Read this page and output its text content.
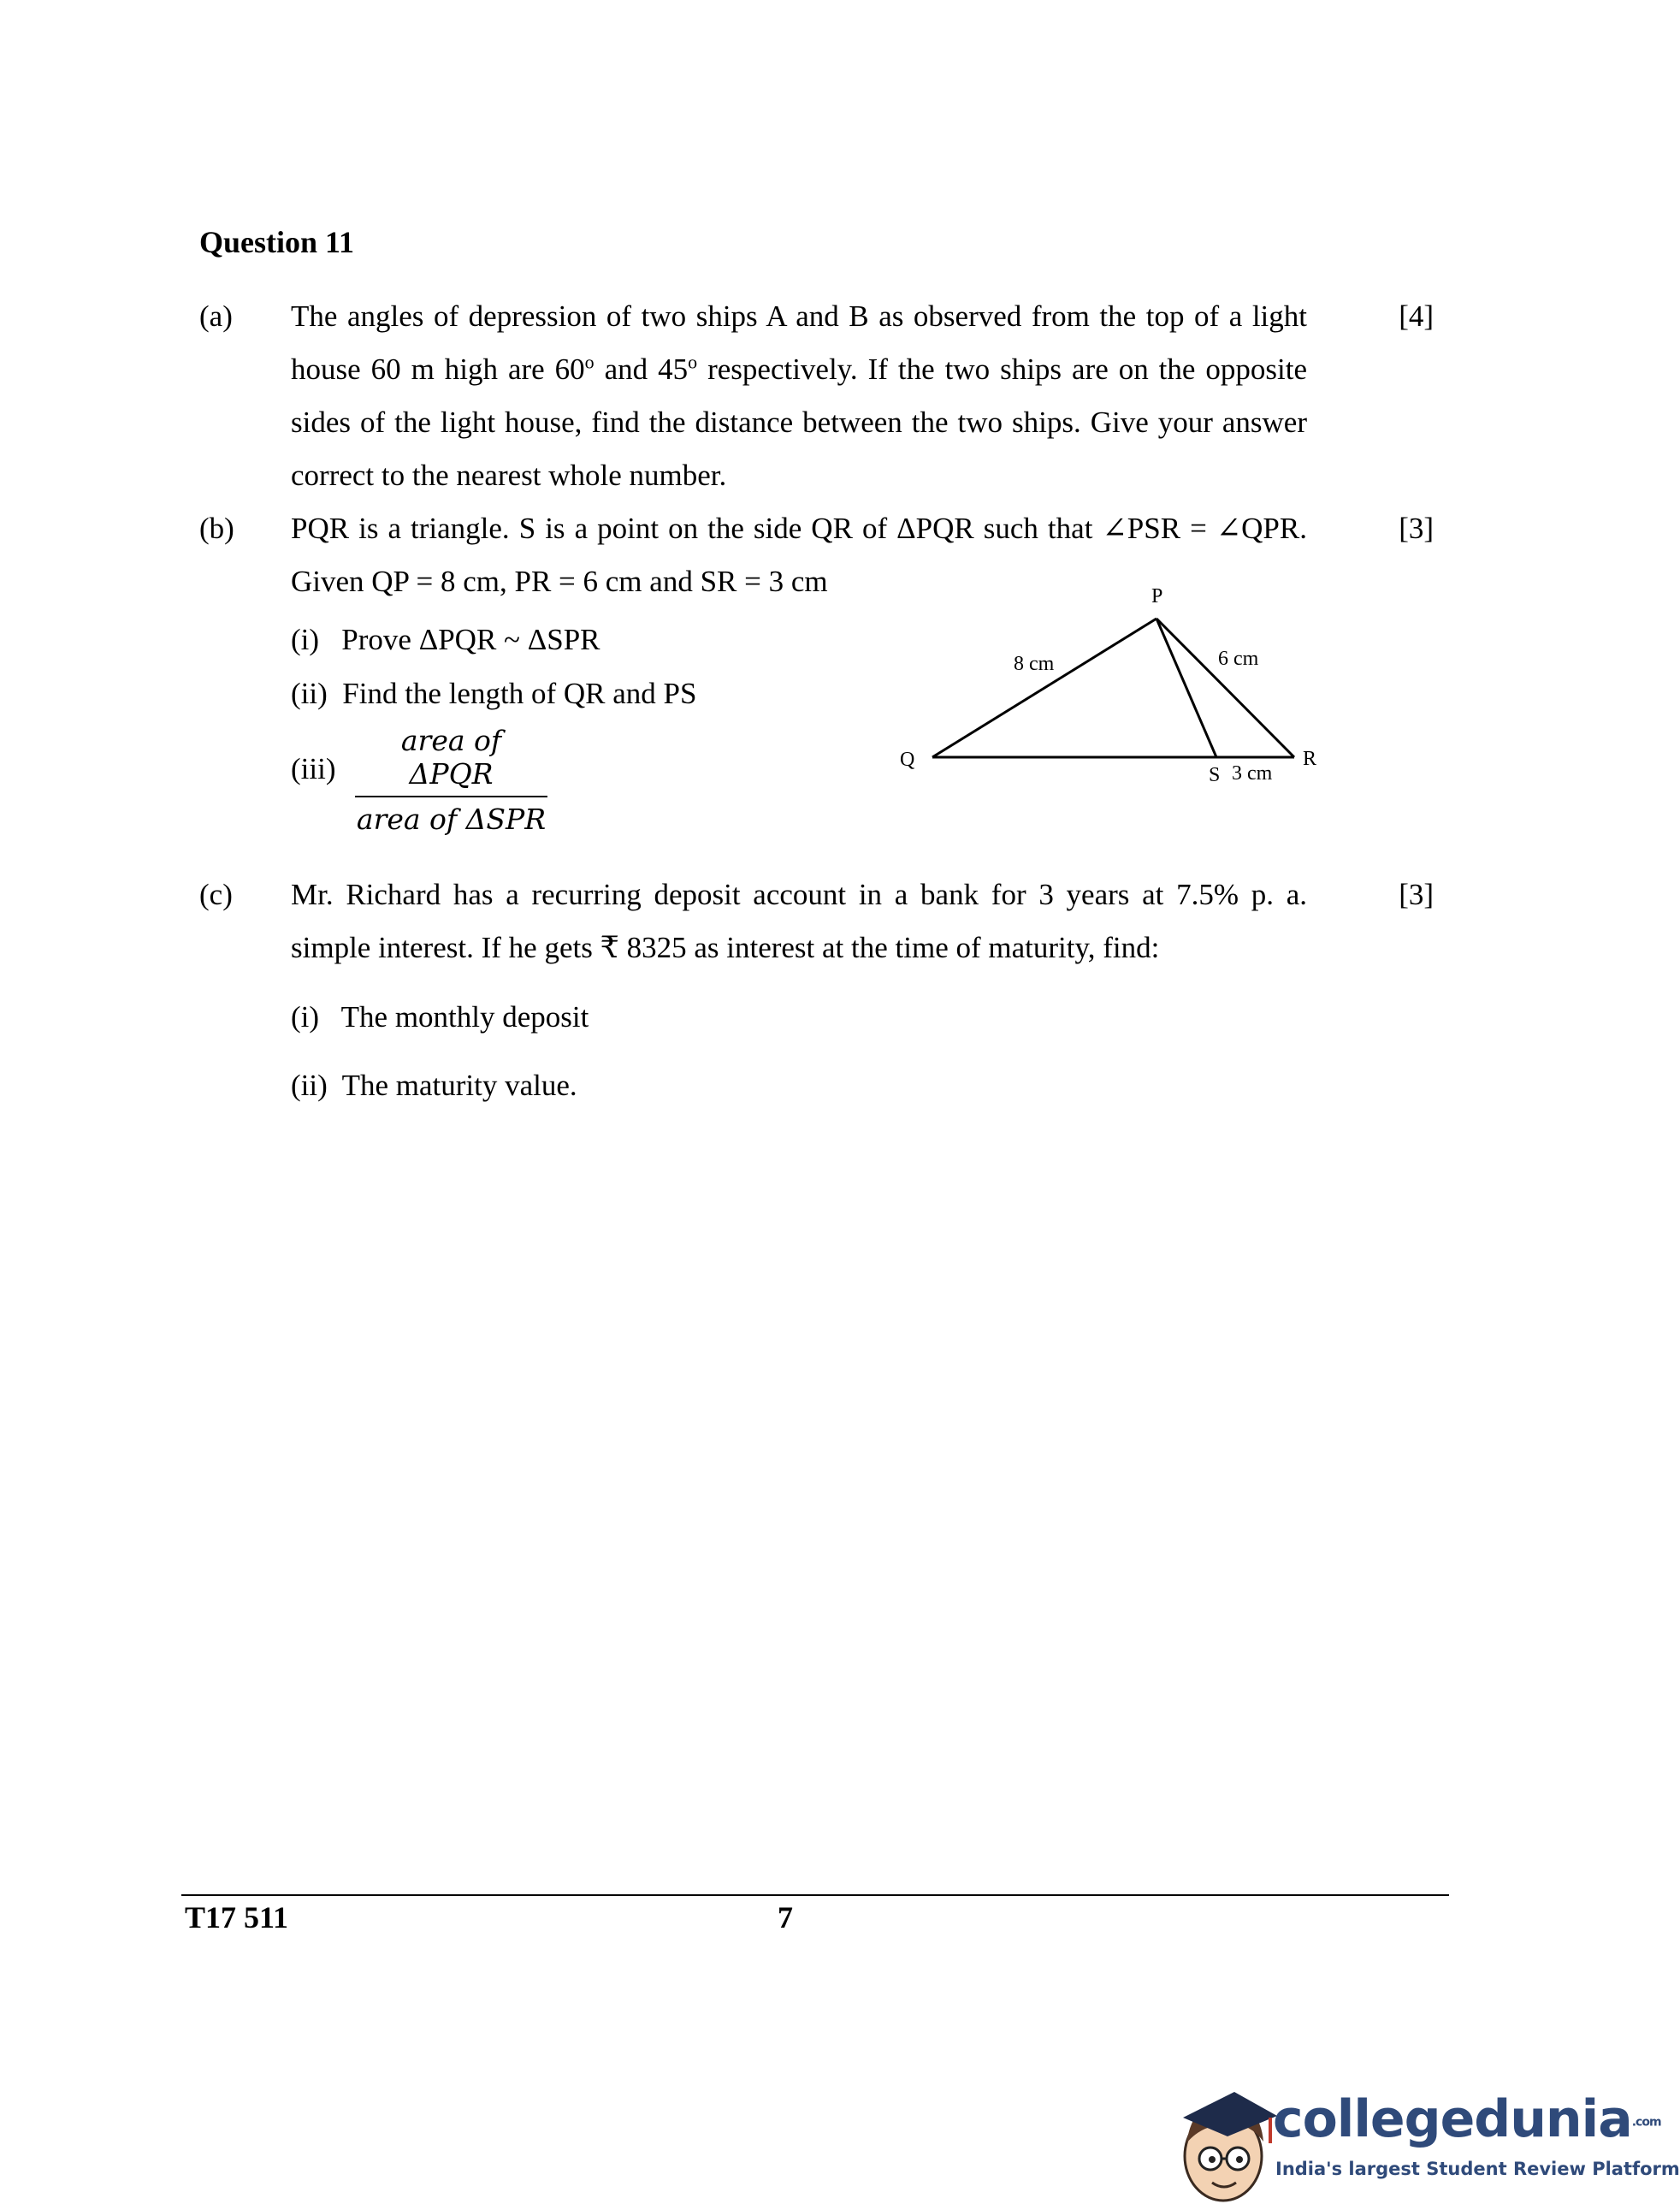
Question 11
(a) The angles of depression of two ships A and B as observed from the top of a light	[4]
house 60 m high are 60$^o$ and 45$^o$ respectively. If the two ships are on the opposite
sides of the light house, find the distance between the two ships. Give your answer
correct to the nearest whole number.
(b) PQR is a triangle. S is a point on the side QR of ΔPQR such that ∠PSR = ∠QPR.	[3]
Given QP = 8 cm, PR = 6 cm and SR = 3 cm
(i)   Prove ΔPQR ~ ΔSPR
(ii)  Find the length of QR and PS
(iii)
area of ΔPQR
area of ΔSPR
P
Q	R
S
8 cm	6 cm
3 cm
(c) Mr. Richard has a recurring deposit account in a bank for 3 years at 7.5% p. a.	[3]
simple interest. If he gets ₹ 8325 as interest at the time of maturity, find:
(i)   The monthly deposit
(ii)  The maturity value.
T17 511	7
collegedunia.com
India's largest Student Review Platform
